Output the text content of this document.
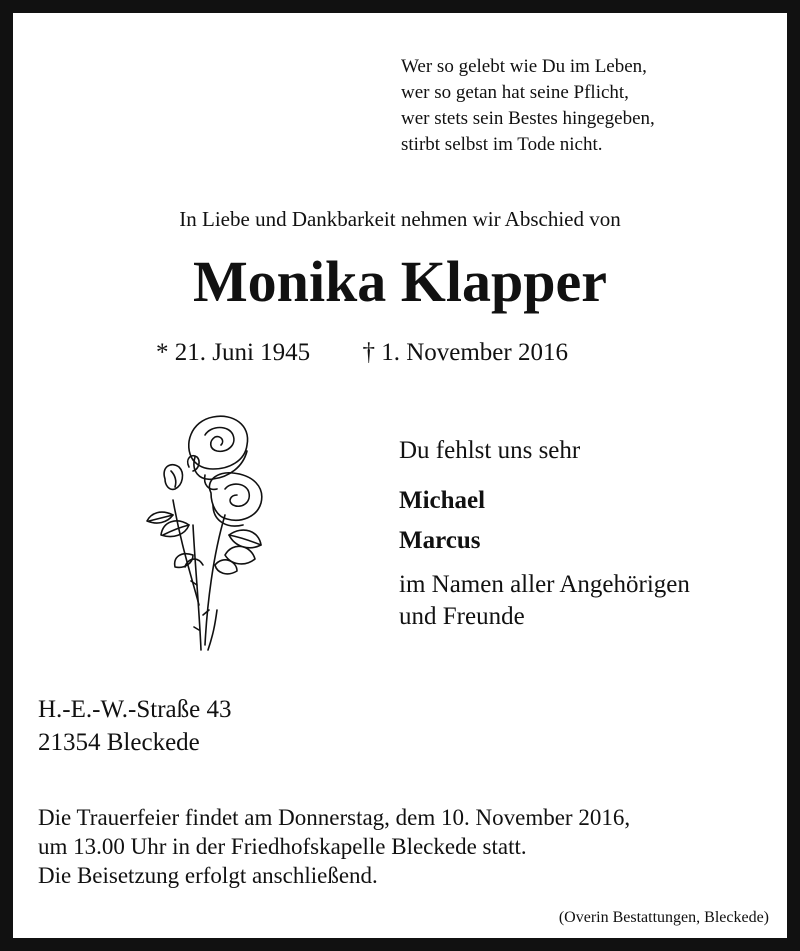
Wer so gelebt wie Du im Leben,
wer so getan hat seine Pflicht,
wer stets sein Bestes hingegeben,
stirbt selbst im Tode nicht.
In Liebe und Dankbarkeit nehmen wir Abschied von
Monika Klapper
* 21. Juni 1945 † 1. November 2016
Du fehlst uns sehr
Michael
Marcus
im Namen aller Angehörigen
und Freunde
H.-E.-W.-Straße 43
21354 Bleckede
Die Trauerfeier findet am Donnerstag, dem 10. November 2016,
um 13.00 Uhr in der Friedhofskapelle Bleckede statt.
Die Beisetzung erfolgt anschließend.
(Overin Bestattungen, Bleckede)
